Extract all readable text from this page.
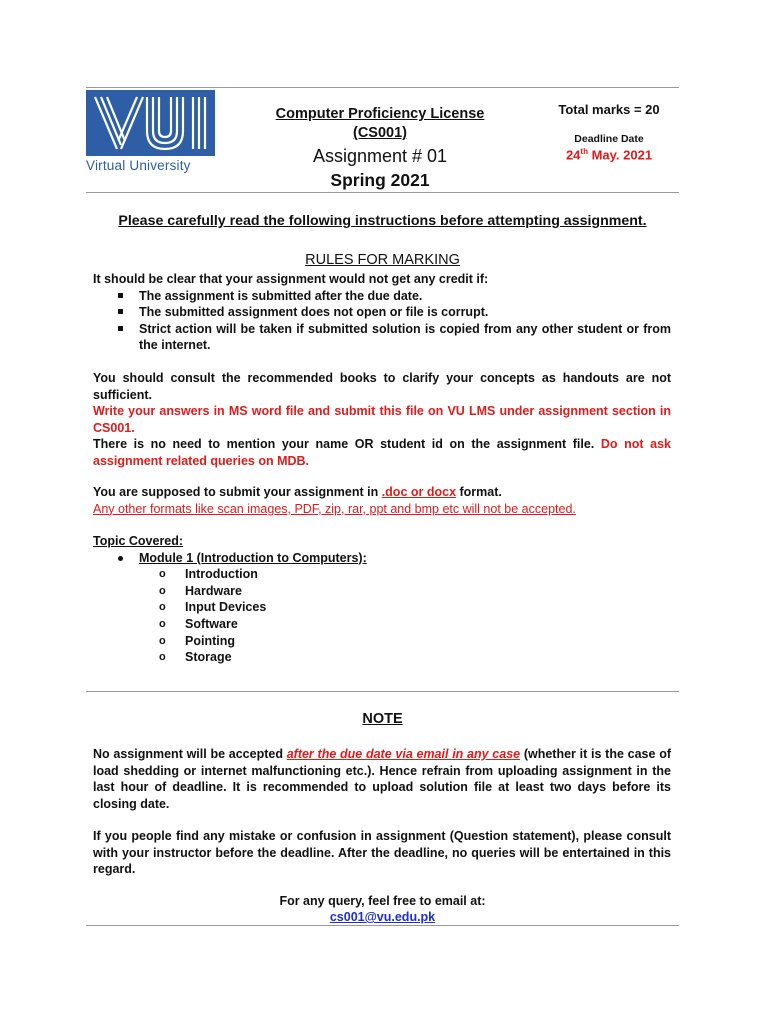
Virtual University
Computer Proficiency License
(CS001)
Assignment # 01
Spring 2021
Total marks = 20
Deadline Date
24th May. 2021
Please carefully read the following instructions before attempting assignment.
RULES FOR MARKING
It should be clear that your assignment would not get any credit if:
The assignment is submitted after the due date.
The submitted assignment does not open or file is corrupt.
Strict action will be taken if submitted solution is copied from any other student or from the internet.
You should consult the recommended books to clarify your concepts as handouts are not sufficient.
Write your answers in MS word file and submit this file on VU LMS under assignment section in CS001.
There is no need to mention your name OR student id on the assignment file. Do not ask assignment related queries on MDB.
You are supposed to submit your assignment in .doc or docx format.
Any other formats like scan images, PDF, zip, rar, ppt and bmp etc will not be accepted.
Topic Covered:
Module 1 (Introduction to Computers):
o Introduction
o Hardware
o Input Devices
o Software
o Pointing
o Storage
NOTE
No assignment will be accepted after the due date via email in any case (whether it is the case of load shedding or internet malfunctioning etc.). Hence refrain from uploading assignment in the last hour of deadline. It is recommended to upload solution file at least two days before its closing date.
If you people find any mistake or confusion in assignment (Question statement), please consult with your instructor before the deadline. After the deadline, no queries will be entertained in this regard.
For any query, feel free to email at:
cs001@vu.edu.pk
